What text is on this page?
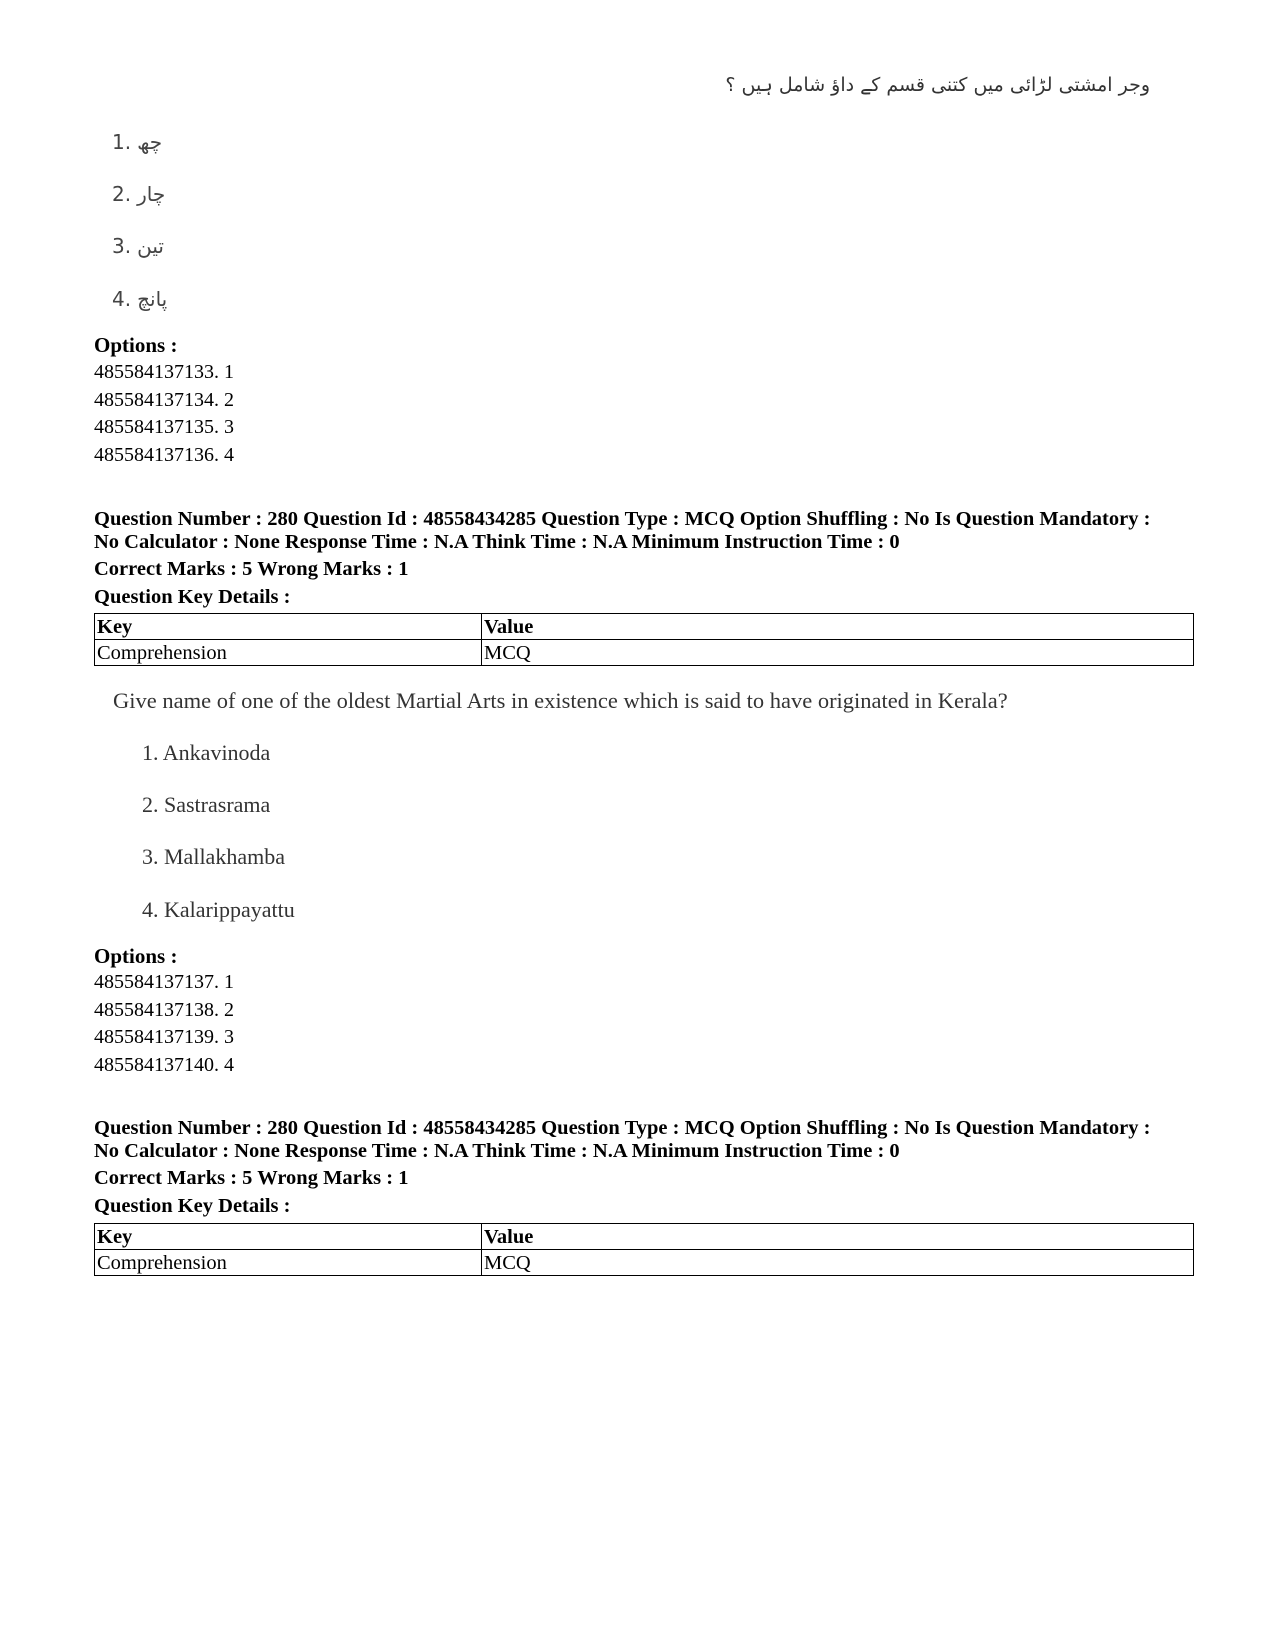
وجر امشتی لڑائی میں کتنی قسم کے داؤ شامل ہیں ؟
1. چھ
2. چار
3. تین
4. پانچ
Options :
485584137133. 1
485584137134. 2
485584137135. 3
485584137136. 4
Question Number : 280 Question Id : 48558434285 Question Type : MCQ Option Shuffling : No Is Question Mandatory :
No Calculator : None Response Time : N.A Think Time : N.A Minimum Instruction Time : 0
Correct Marks : 5 Wrong Marks : 1
Question Key Details :
Key	Value
Comprehension	MCQ
Give name of one of the oldest Martial Arts in existence which is said to have originated in Kerala?
1. Ankavinoda
2. Sastrasrama
3. Mallakhamba
4. Kalarippayattu
Options :
485584137137. 1
485584137138. 2
485584137139. 3
485584137140. 4
Question Number : 280 Question Id : 48558434285 Question Type : MCQ Option Shuffling : No Is Question Mandatory :
No Calculator : None Response Time : N.A Think Time : N.A Minimum Instruction Time : 0
Correct Marks : 5 Wrong Marks : 1
Question Key Details :
Key	Value
Comprehension	MCQ
